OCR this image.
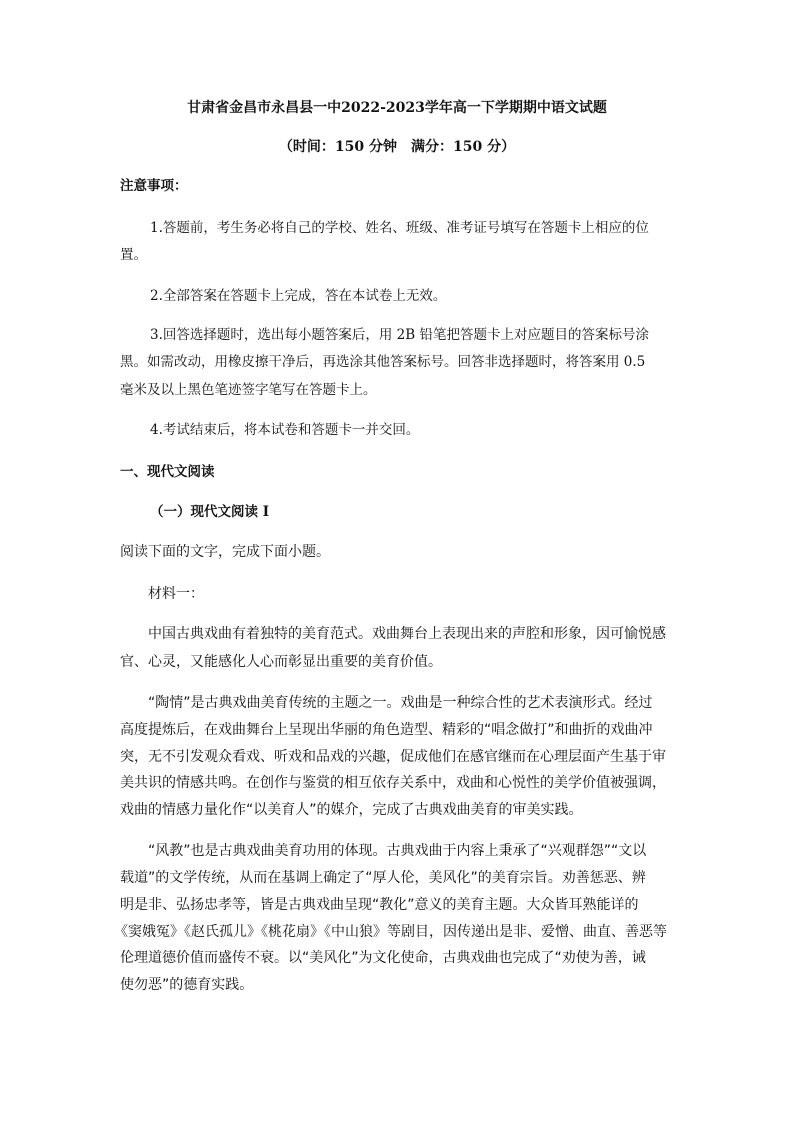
甘肃省金昌市永昌县一中2022-2023学年高一下学期期中语文试题
（时间：150 分钟　满分：150 分）
注意事项：
1.答题前，考生务必将自己的学校、姓名、班级、准考证号填写在答题卡上相应的位
置。
2.全部答案在答题卡上完成，答在本试卷上无效。
3.回答选择题时，选出每小题答案后，用 2B 铅笔把答题卡上对应题目的答案标号涂
黑。如需改动，用橡皮擦干净后，再选涂其他答案标号。回答非选择题时，将答案用 0.5
毫米及以上黑色笔迹签字笔写在答题卡上。
4.考试结束后，将本试卷和答题卡一并交回。
一、现代文阅读
（一）现代文阅读 I
阅读下面的文字，完成下面小题。
材料一：
中国古典戏曲有着独特的美育范式。戏曲舞台上表现出来的声腔和形象，因可愉悦感
官、心灵，又能感化人心而彰显出重要的美育价值。
“陶情”是古典戏曲美育传统的主题之一。戏曲是一种综合性的艺术表演形式。经过
高度提炼后，在戏曲舞台上呈现出华丽的角色造型、精彩的“唱念做打”和曲折的戏曲冲
突，无不引发观众看戏、听戏和品戏的兴趣，促成他们在感官继而在心理层面产生基于审
美共识的情感共鸣。在创作与鉴赏的相互依存关系中，戏曲和心悦性的美学价值被强调，
戏曲的情感力量化作“以美育人”的媒介，完成了古典戏曲美育的审美实践。
“风教”也是古典戏曲美育功用的体现。古典戏曲于内容上秉承了“兴观群怨”“文以
载道”的文学传统，从而在基调上确定了“厚人伦，美风化”的美育宗旨。劝善惩恶、辨
明是非、弘扬忠孝等，皆是古典戏曲呈现“教化”意义的美育主题。大众皆耳熟能详的
《窦娥冤》《赵氏孤儿》《桃花扇》《中山狼》等剧目，因传递出是非、爱憎、曲直、善恶等
伦理道德价值而盛传不衰。以“美风化”为文化使命，古典戏曲也完成了“劝使为善，诫
使勿恶”的德育实践。
